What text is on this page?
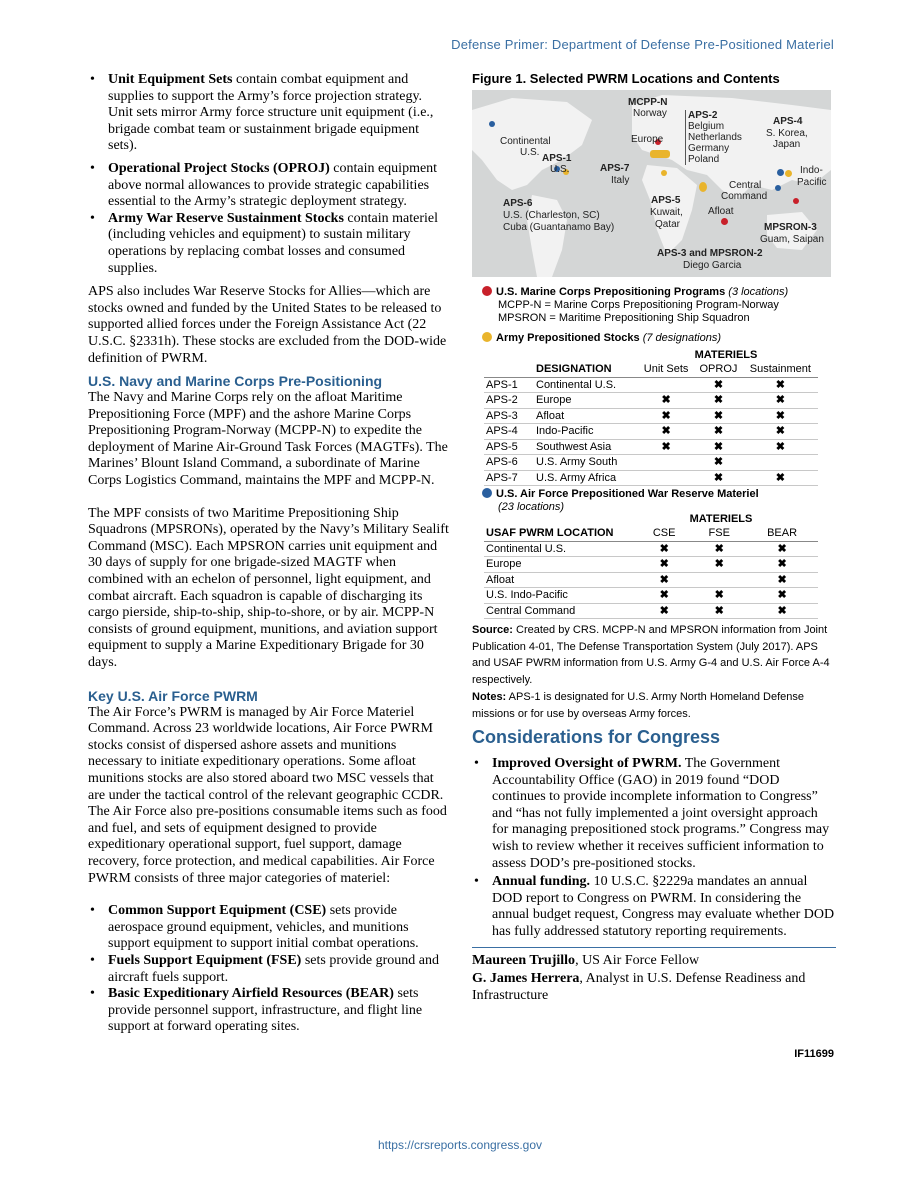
Defense Primer: Department of Defense Pre-Positioned Materiel
• Unit Equipment Sets contain combat equipment and supplies to support the Army’s force projection strategy. Unit sets mirror Army force structure unit equipment (i.e., brigade combat team or sustainment brigade equipment sets).
• Operational Project Stocks (OPROJ) contain equipment above normal allowances to provide strategic capabilities essential to the Army’s strategic deployment strategy.
• Army War Reserve Sustainment Stocks contain materiel (including vehicles and equipment) to sustain military operations by replacing combat losses and consumed supplies.

APS also includes War Reserve Stocks for Allies—which are stocks owned and funded by the United States to be released to supported allied forces under the Foreign Assistance Act (22 U.S.C. §2331h). These stocks are excluded from the DOD-wide definition of PWRM.

U.S. Navy and Marine Corps Pre-Positioning

The Navy and Marine Corps rely on the afloat Maritime Prepositioning Force (MPF) and the ashore Marine Corps Prepositioning Program-Norway (MCPP-N) to expedite the deployment of Marine Air-Ground Task Forces (MAGTFs). The Marines’ Blount Island Command, a subordinate of Marine Corps Logistics Command, maintains the MPF and MCPP-N.

The MPF consists of two Maritime Prepositioning Ship Squadrons (MPSRONs), operated by the Navy’s Military Sealift Command (MSC). Each MPSRON carries unit equipment and 30 days of supply for one brigade-sized MAGTF when combined with an echelon of personnel, light equipment, and combat aircraft. Each squadron is capable of discharging its cargo pierside, ship-to-ship, ship-to-shore, or by air. MCPP-N consists of ground equipment, munitions, and aviation support equipment to supply a Marine Expeditionary Brigade for 30 days.

Key U.S. Air Force PWRM

The Air Force’s PWRM is managed by Air Force Materiel Command. Across 23 worldwide locations, Air Force PWRM stocks consist of dispersed ashore assets and munitions necessary to initiate expeditionary operations. Some afloat munitions stocks are also stored aboard two MSC vessels that are under the tactical control of the relevant geographic CCDR. The Air Force also pre-positions consumable items such as food and fuel, and sets of equipment designed to provide expeditionary operational support, fuel support, damage recovery, force protection, and medical capabilities. Air Force PWRM consists of three major categories of materiel:

• Common Support Equipment (CSE) sets provide aerospace ground equipment, vehicles, and munitions support equipment to support initial combat operations.
• Fuels Support Equipment (FSE) sets provide ground and aircraft fuels support.
• Basic Expeditionary Airfield Resources (BEAR) sets provide personnel support, infrastructure, and flight line support at forward operating sites.
Figure 1. Selected PWRM Locations and Contents
MCPP-N
Norway	APS-2
Belgium
Netherlands
Germany
Poland
APS-4
S. Korea,
Japan
Continental
U.S.
Europe
APS-1
U.S.	APS-7
Italy
Indo-
Pacific
Central
Command
APS-6
U.S. (Charleston, SC)
Cuba (Guantanamo Bay)
APS-5
Kuwait,
Qatar
Afloat
MPSRON-3
Guam, Saipan
APS-3 and MPSRON-2
Diego Garcia
U.S. Marine Corps Prepositioning Programs (3 locations)
MCPP-N = Marine Corps Prepositioning Program-Norway
MPSRON = Maritime Prepositioning Ship Squadron
Army Prepositioned Stocks (7 designations)
MATERIELS
	DESIGNATION	Unit Sets	OPROJ	Sustainment
APS-1	Continental U.S.		✖	✖
APS-2	Europe	✖	✖	✖
APS-3	Afloat	✖	✖	✖
APS-4	Indo-Pacific	✖	✖	✖
APS-5	Southwest Asia	✖	✖	✖
APS-6	U.S. Army South		✖	
APS-7	U.S. Army Africa		✖	✖
U.S. Air Force Prepositioned War Reserve Materiel
(23 locations)
MATERIELS
USAF PWRM LOCATION	CSE	FSE	BEAR
Continental U.S.	✖	✖	✖
Europe	✖	✖	✖
Afloat	✖		✖
U.S. Indo-Pacific	✖	✖	✖
Central Command	✖	✖	✖
Source: Created by CRS. MCPP-N and MPSRON information from Joint Publication 4-01, The Defense Transportation System (July 2017). APS and USAF PWRM information from U.S. Army G-4 and U.S. Air Force A-4 respectively.
Notes: APS-1 is designated for U.S. Army North Homeland Defense missions or for use by overseas Army forces.
Considerations for Congress
• Improved Oversight of PWRM. The Government Accountability Office (GAO) in 2019 found “DOD continues to provide incomplete information to Congress” and “has not fully implemented a joint oversight approach for managing prepositioned stock programs.” Congress may wish to review whether it receives sufficient information to assess DOD’s pre-positioned stocks.
• Annual funding. 10 U.S.C. §2229a mandates an annual DOD report to Congress on PWRM. In considering the annual budget request, Congress may evaluate whether DOD has fully addressed statutory reporting requirements.

Maureen Trujillo, US Air Force Fellow

G. James Herrera, Analyst in U.S. Defense Readiness and Infrastructure

IF11699
https://crsreports.congress.gov
